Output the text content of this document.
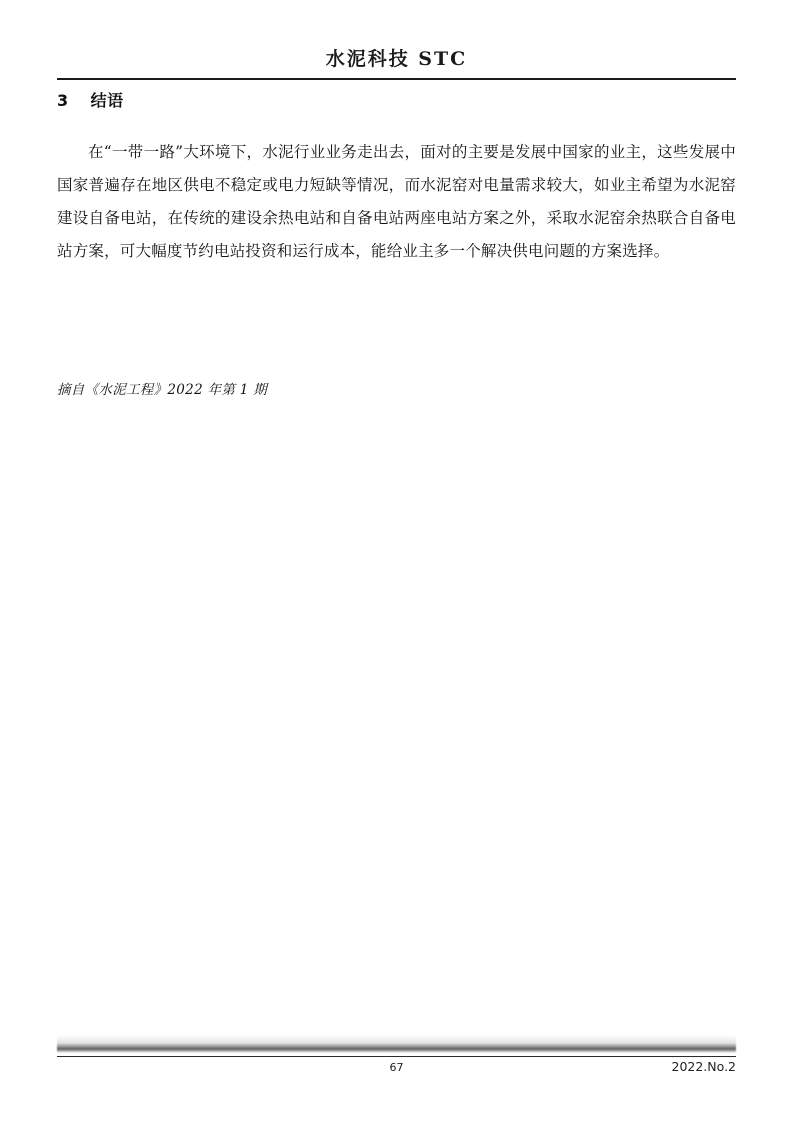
水泥科技 STC
3 结语

在“一带一路”大环境下，水泥行业业务走出去，面对的主要是发展中国家的业主，这些发展中国家普遍存在地区供电不稳定或电力短缺等情况，而水泥窑对电量需求较大，如业主希望为水泥窑建设自备电站，在传统的建设余热电站和自备电站两座电站方案之外，采取水泥窑余热联合自备电站方案，可大幅度节约电站投资和运行成本，能给业主多一个解决供电问题的方案选择。

摘自《水泥工程》2022 年第 1 期
67	2022.No.2
